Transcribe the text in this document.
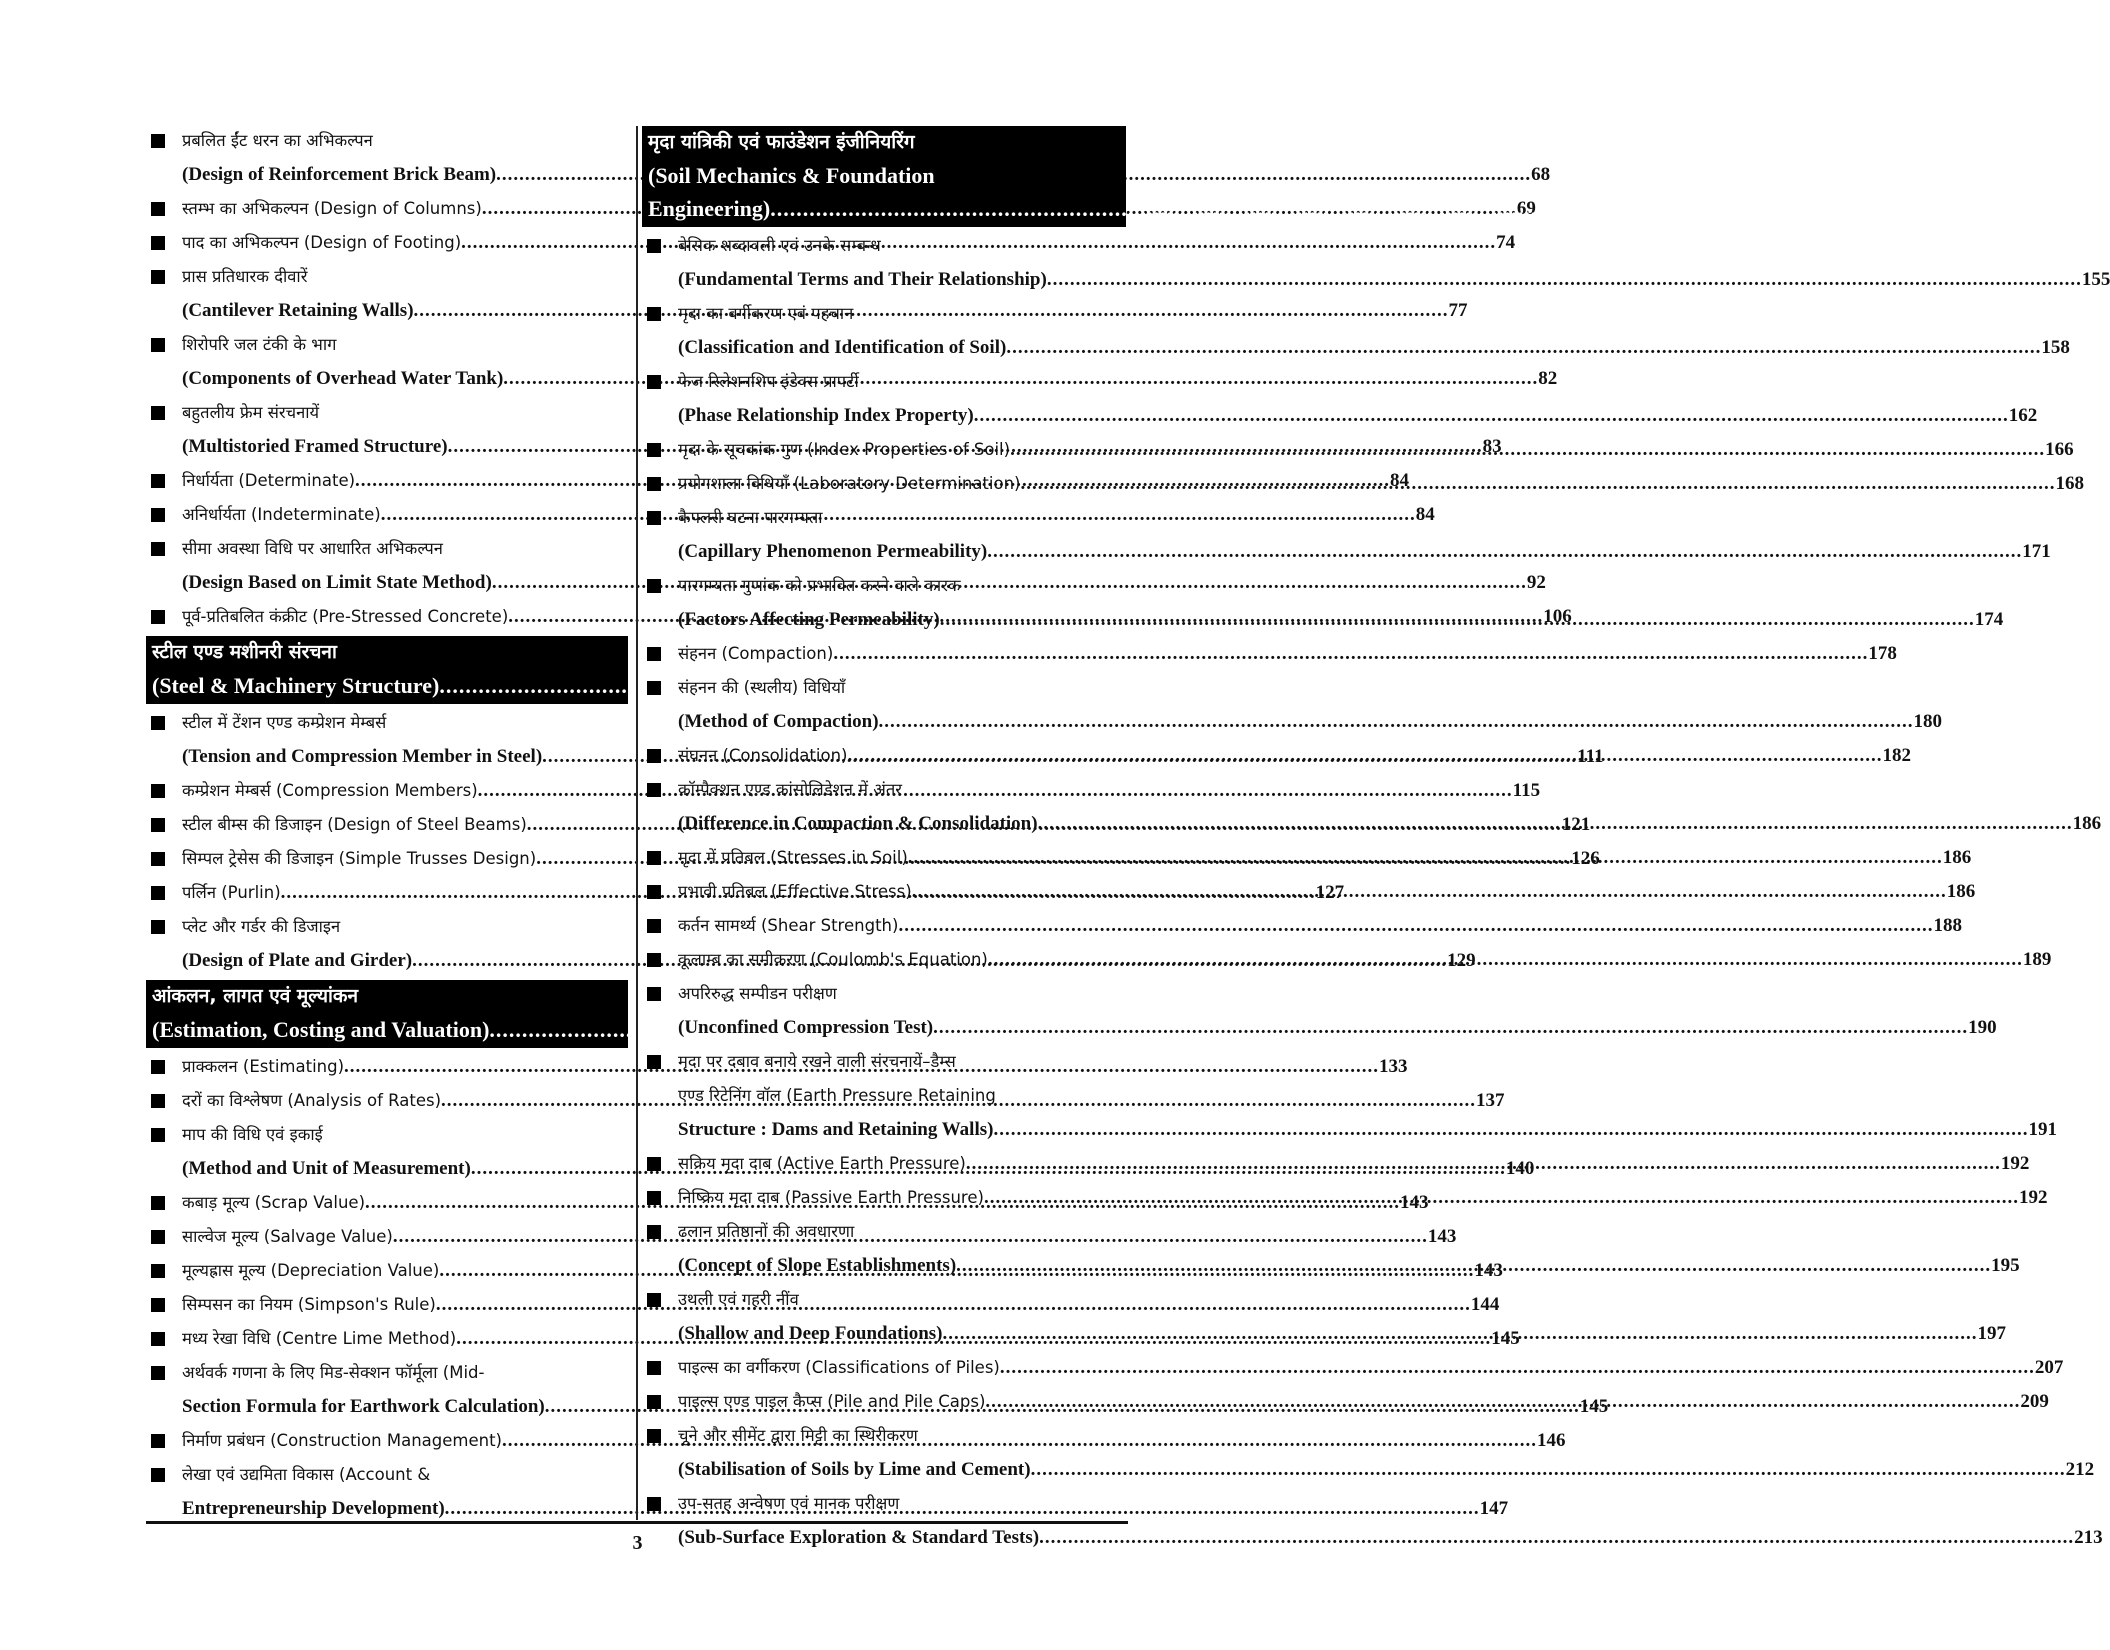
प्रबलित ईंट धरन का अभिकल्पन
(Design of Reinforcement Brick Beam) .....	68
स्तम्भ का अभिकल्पन (Design of Columns) .....	69
पाद का अभिकल्पन (Design of Footing) .....	74
प्रास प्रतिधारक दीवारें
(Cantilever Retaining Walls) .....	77
शिरोपरि जल टंकी के भाग
(Components of Overhead Water Tank) .....	82
बहुतलीय फ्रेम संरचनायें
(Multistoried Framed Structure) .....	83
निर्धार्यता (Determinate) .....	84
अनिर्धार्यता (Indeterminate) .....	84
सीमा अवस्था विधि पर आधारित अभिकल्पन
(Design Based on Limit State Method) .....	92
पूर्व-प्रतिबलित कंक्रीट (Pre-Stressed Concrete) .....	106
स्टील एण्ड मशीनरी संरचना
(Steel & Machinery Structure) .....	111-132
स्टील में टेंशन एण्ड कम्प्रेशन मेम्बर्स
(Tension and Compression Member in Steel) .....	111
कम्प्रेशन मेम्बर्स (Compression Members) .....	115
स्टील बीम्स की डिजाइन (Design of Steel Beams) .....	121
सिम्पल ट्रेसेस की डिजाइन (Simple Trusses Design) .....	126
पर्लिन (Purlin) .....	127
प्लेट और गर्डर की डिजाइन
(Design of Plate and Girder) .....	129
आंकलन, लागत एवं मूल्यांकन
(Estimation, Costing and Valuation) .....	133-154
प्राक्कलन (Estimating) .....	133
दरों का विश्लेषण (Analysis of Rates) .....	137
माप की विधि एवं इकाई
(Method and Unit of Measurement) .....	140
कबाड़ मूल्य (Scrap Value) .....	143
साल्वेज मूल्य (Salvage Value) .....	143
मूल्यह्रास मूल्य (Depreciation Value) .....	143
सिम्पसन का नियम (Simpson's Rule) .....	144
मध्य रेखा विधि (Centre Lime Method) .....	145
अर्थवर्क गणना के लिए मिड-सेक्शन फॉर्मूला (Mid-
Section Formula for Earthwork Calculation) .....	145
निर्माण प्रबंधन (Construction Management) .....	146
लेखा एवं उद्यमिता विकास (Account &
Entrepreneurship Development) .....	147
मृदा यांत्रिकी एवं फाउंडेशन इंजीनियरिंग
(Soil Mechanics & Foundation
Engineering) .....	155-216
बेसिक शब्दावली एवं उनके सम्बन्ध
(Fundamental Terms and Their Relationship) .....	155
मृदा का वर्गीकरण एवं पहचान
(Classification and Identification of Soil) .....	158
फेज रिलेशनशिप इंडेक्स प्रापर्टी
(Phase Relationship Index Property) .....	162
मृदा के सूचकांक गुण (Index Properties of Soil) .....	166
प्रयोगशाला विधियाँ (Laboratory Determination) .....	168
कैपलरी घटना पारगम्यता
(Capillary Phenomenon Permeability) .....	171
पारगम्यता गुणांक को प्रभावित करने वाले कारक
(Factors Affecting Permeability) .....	174
संहनन (Compaction) .....	178
संहनन की (स्थलीय) विधियाँ
(Method of Compaction) .....	180
संघनन (Consolidation) .....	182
कॉम्पैक्शन एण्ड कांसोलिडेशन में अंतर
(Difference in Compaction & Consolidation) .....	186
मृदा में प्रतिबल (Stresses in Soil) .....	186
प्रभावी प्रतिबल (Effective Stress) .....	186
कर्तन सामर्थ्य (Shear Strength) .....	188
कूलाम्ब का समीकरण (Coulomb's Equation) .....	189
अपरिरुद्ध सम्पीडन परीक्षण
(Unconfined Compression Test) .....	190
मृदा पर दबाव बनाये रखने वाली संरचनायें–डैम्स
एण्ड रिटेनिंग वॉल (Earth Pressure Retaining
Structure : Dams and Retaining Walls) .....	191
सक्रिय मृदा दाब (Active Earth Pressure) .....	192
निष्क्रिय मृदा दाब (Passive Earth Pressure) .....	192
ढलान प्रतिष्ठानों की अवधारणा
(Concept of Slope Establishments) .....	195
उथली एवं गहरी नींव
(Shallow and Deep Foundations) .....	197
पाइल्स का वर्गीकरण (Classifications of Piles) .....	207
पाइल्स एण्ड पाइल कैप्स (Pile and Pile Caps) .....	209
चूने और सीमेंट द्वारा मिट्टी का स्थिरीकरण
(Stabilisation of Soils by Lime and Cement) .....	212
उप-सतह अन्वेषण एवं मानक परीक्षण
(Sub-Surface Exploration & Standard Tests) .....	213
3
